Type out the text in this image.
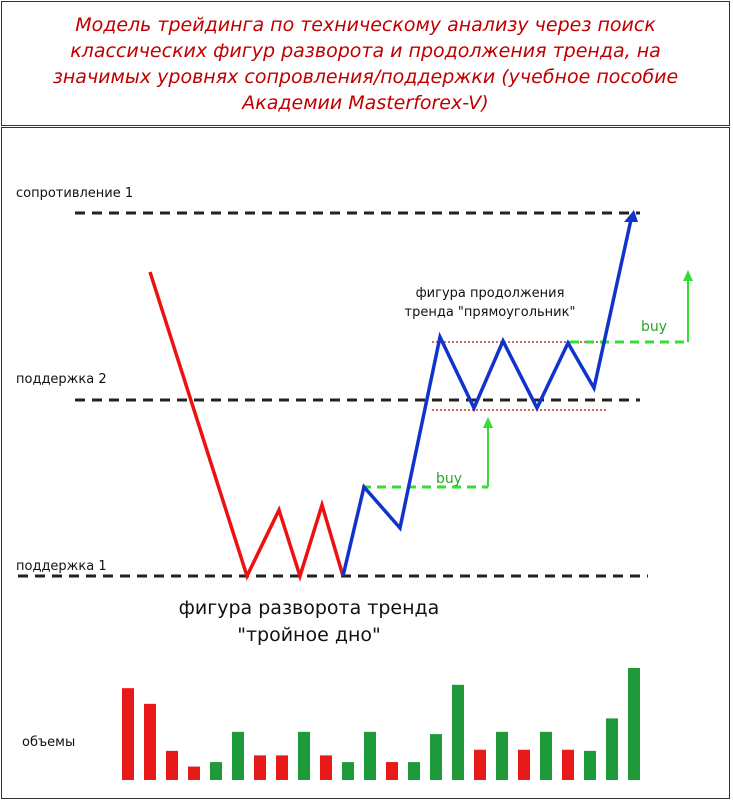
Модель трейдинга по техническому анализу через поиск классических фигур разворота и продолжения тренда, на значимых уровнях сопровления/поддержки (учебное пособие Академии Masterforex-V)
сопротивление 1
поддержка 2
поддержка 1
фигура продолжения
тренда "прямоугольник"
buy
buy
фигура разворота тренда
"тройное дно"
объемы
